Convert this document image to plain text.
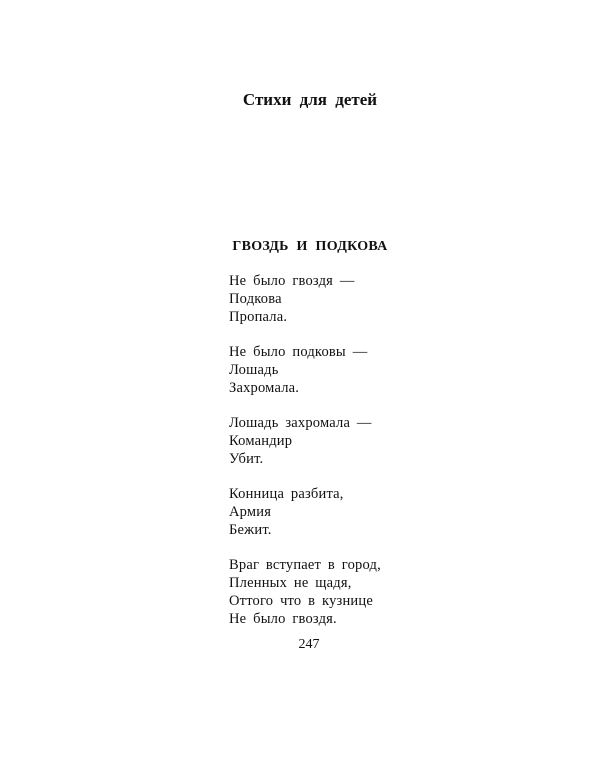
Стихи для детей
ГВОЗДЬ И ПОДКОВА
Не было гвоздя —
Подкова
Пропала.
Не было подковы —
Лошадь
Захромала.
Лошадь захромала —
Командир
Убит.
Конница разбита,
Армия
Бежит.
Враг вступает в город,
Пленных не щадя,
Оттого что в кузнице
Не было гвоздя.
247
